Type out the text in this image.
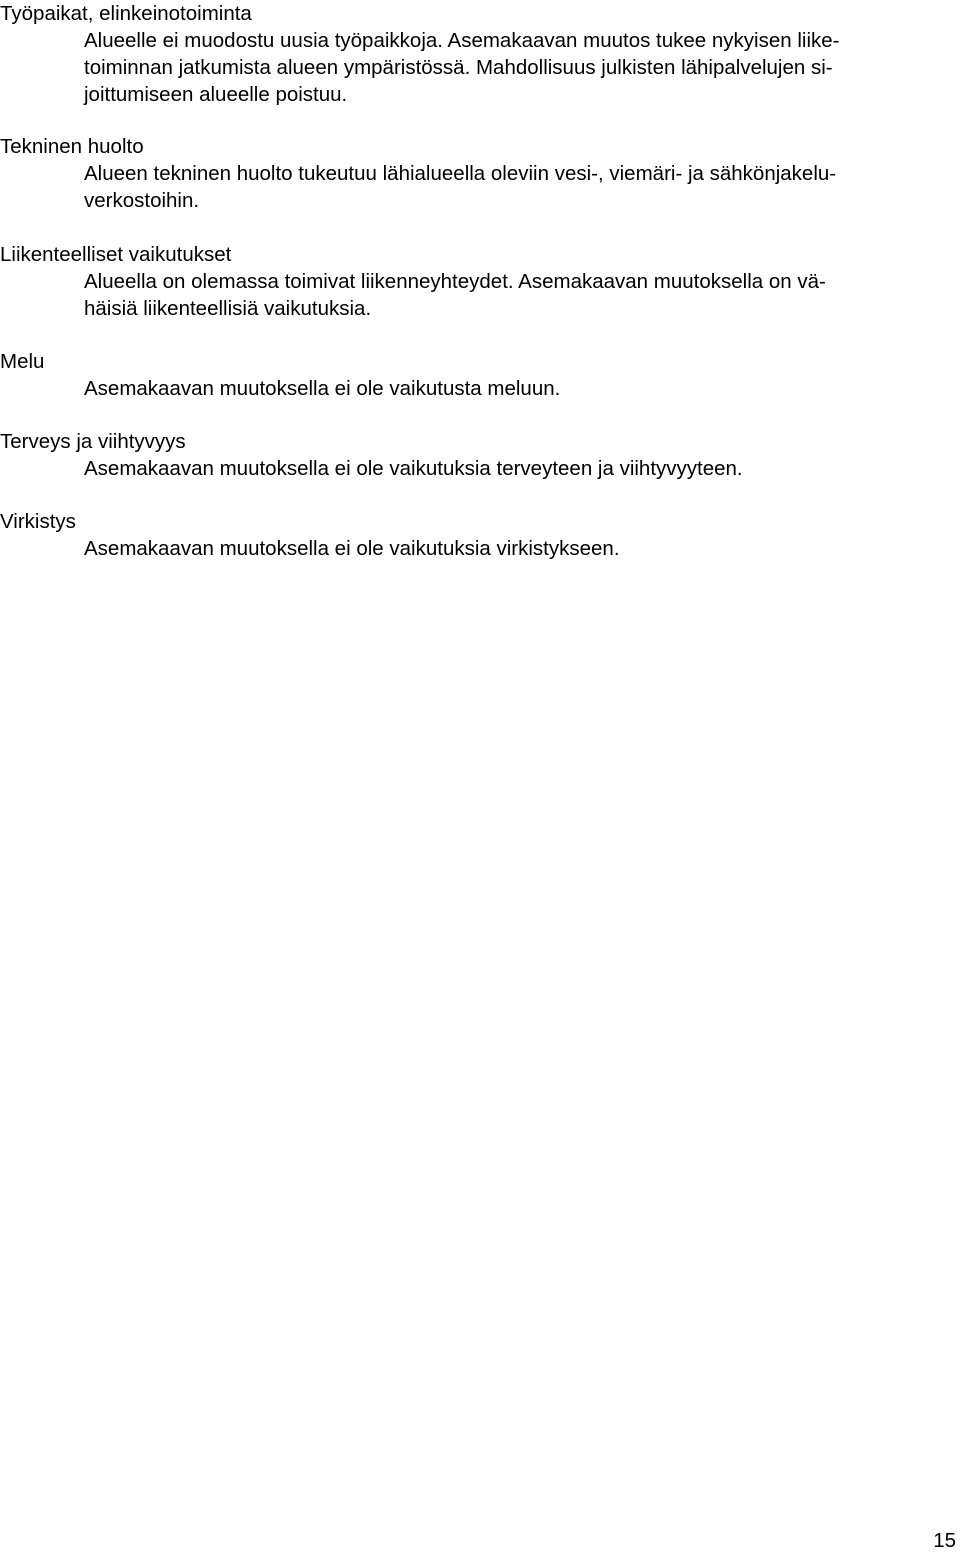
Työpaikat, elinkeinotoiminta

Alueelle ei muodostu uusia työpaikkoja. Asemakaavan muutos tukee nykyisen liike-

toiminnan jatkumista alueen ympäristössä. Mahdollisuus julkisten lähipalvelujen si-

joittumiseen alueelle poistuu.

Tekninen huolto

Alueen tekninen huolto tukeutuu lähialueella oleviin vesi-, viemäri- ja sähkönjakelu-

verkostoihin.

Liikenteelliset vaikutukset

Alueella on olemassa toimivat liikenneyhteydet. Asemakaavan muutoksella on vä-

häisiä liikenteellisiä vaikutuksia.

Melu

Asemakaavan muutoksella ei ole vaikutusta meluun.

Terveys ja viihtyvyys

Asemakaavan muutoksella ei ole vaikutuksia terveyteen ja viihtyvyyteen.

Virkistys

Asemakaavan muutoksella ei ole vaikutuksia virkistykseen.

15
